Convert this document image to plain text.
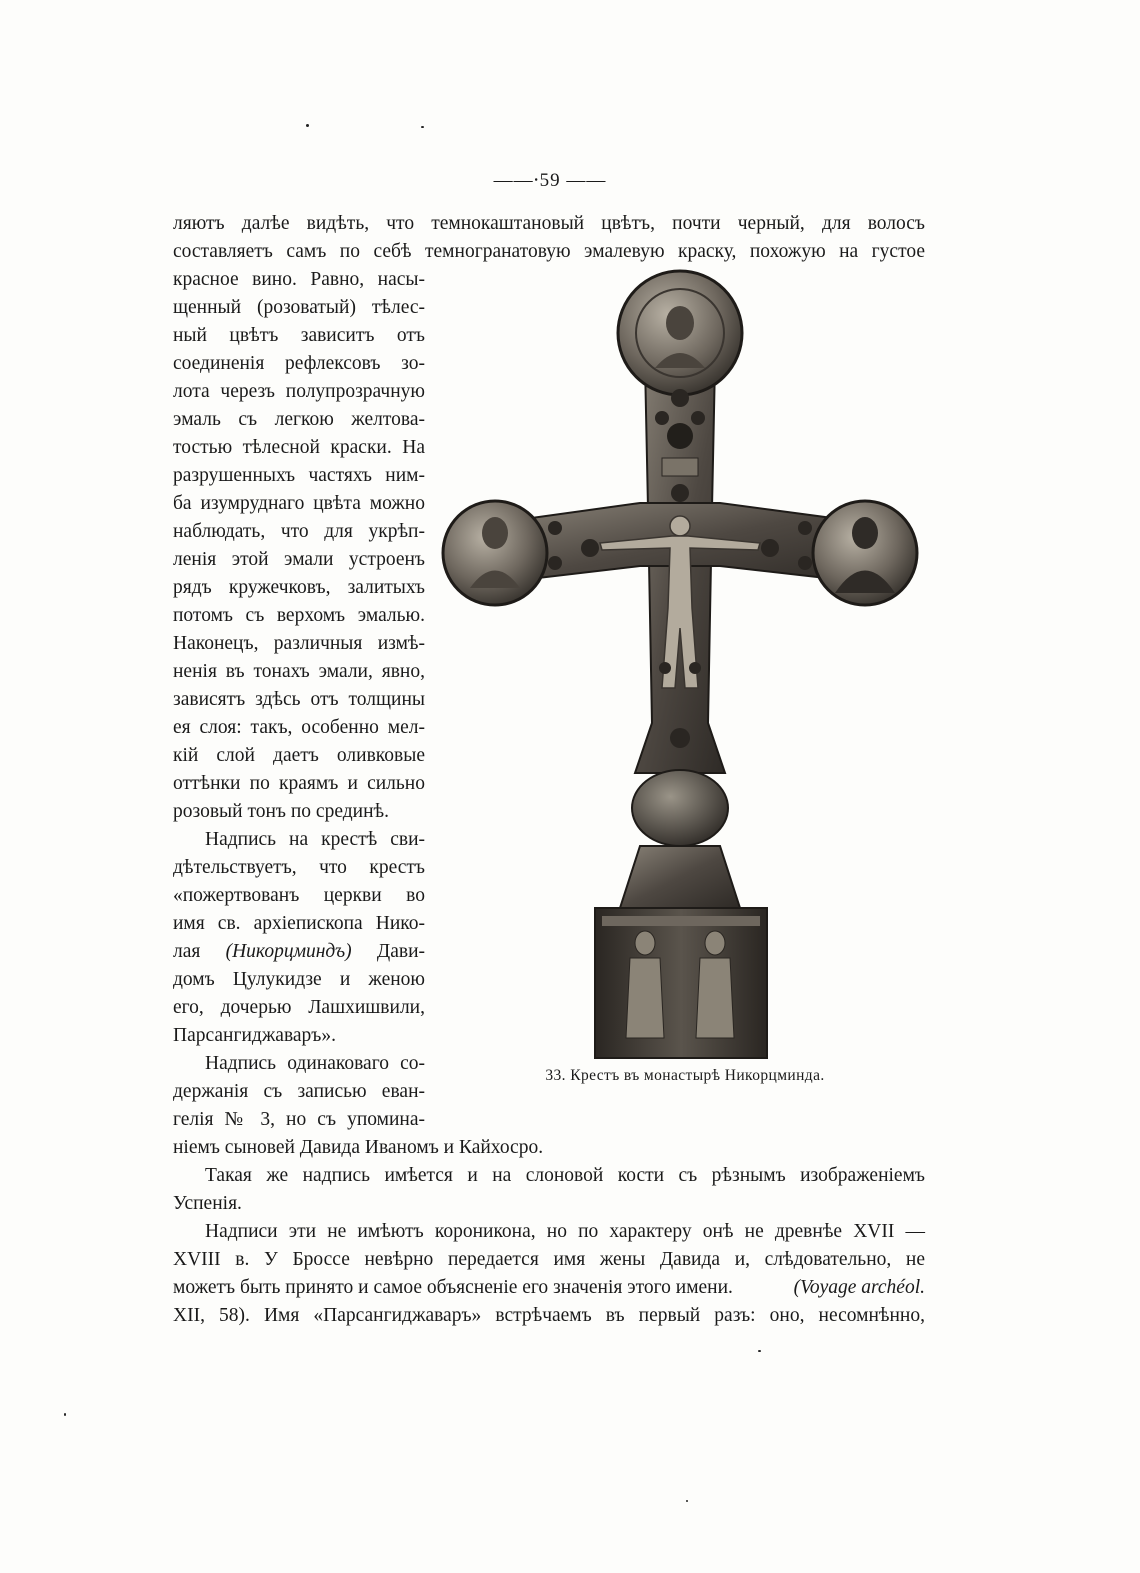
——⸱59 ——

ляютъ далѣе видѣть, что темнокаштановый цвѣтъ, почти черный, для волосъ

составляетъ самъ по себѣ темногранатовую эмалевую краску, похожую на густое

красное вино. Равно, насы-

щенный (розоватый) тѣлес-

ный цвѣтъ зависитъ отъ

соединенія рефлексовъ зо-

лота черезъ полупрозрачную

эмаль съ легкою желтова-

тостью тѣлесной краски. На

разрушенныхъ частяхъ ним-

ба изумруднаго цвѣта можно

наблюдать, что для укрѣп-

ленія этой эмали устроенъ

рядъ кружечковъ, залитыхъ

потомъ съ верхомъ эмалью.

Наконецъ, различныя измѣ-

ненія въ тонахъ эмали, явно,

зависятъ здѣсь отъ толщины

ея слоя: такъ, особенно мел-

кій слой даетъ оливковые

оттѣнки по краямъ и сильно

розовый тонъ по срединѣ.

Надпись на крестѣ сви-

дѣтельствуетъ, что крестъ

«пожертвованъ церкви во

имя св. архіепископа Нико-

лая (Никорцминдъ) Дави-

домъ Цулукидзе и женою

его, дочерью Лашхишвили,

Парсангиджаваръ».

Надпись одинаковаго со-

держанія съ записью еван-

гелія № 3, но съ упомина-

33. Крестъ въ монастырѣ Никорцминда.

ніемъ сыновей Давида Иваномъ и Кайхосро.

Такая же надпись имѣется и на слоновой кости съ рѣзнымъ изображеніемъ

Успенія.

Надписи эти не имѣютъ короникона, но по характеру онѣ не древнѣе XVII —

XVIII в. У Броссе невѣрно передается имя жены Давида и, слѣдовательно, не

можетъ быть принято и самое объясненіе его значенія этого имени.	(Voyage archéol.

XII, 58). Имя «Парсангиджаваръ» встрѣчаемъ въ первый разъ: оно, несомнѣнно,
